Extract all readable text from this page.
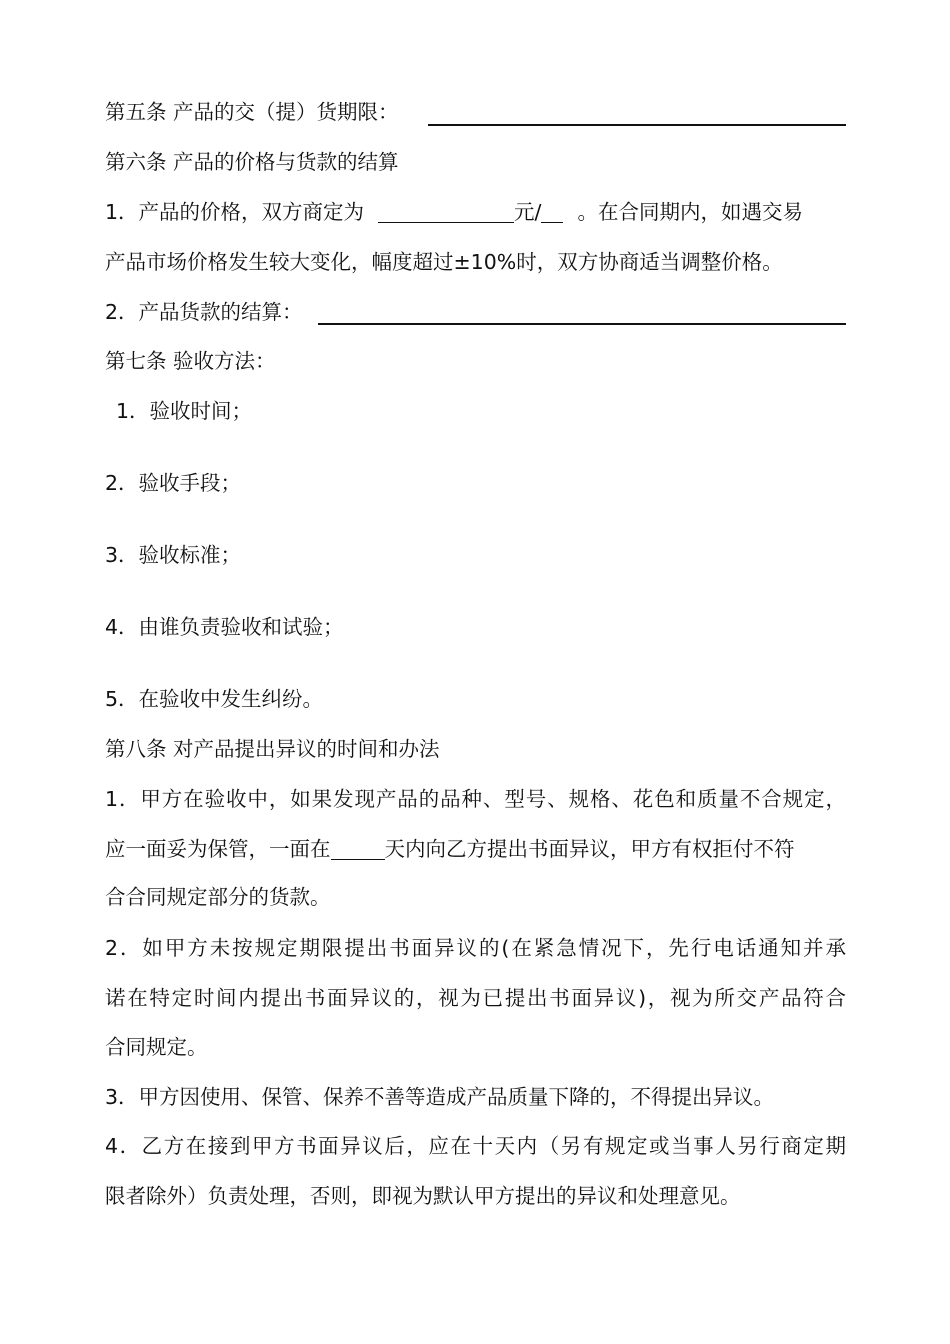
第五条 产品的交（提）货期限：
第六条 产品的价格与货款的结算
1．产品的价格，双方商定为	元/ 。在合同期内，如遇交易
产品市场价格发生较大变化，幅度超过±10%时，双方协商适当调整价格。
2．产品货款的结算：
第七条 验收方法：
1．验收时间；
2．验收手段；
3．验收标准；
4．由谁负责验收和试验；
5．在验收中发生纠纷。
第八条 对产品提出异议的时间和办法
1．甲方在验收中，如果发现产品的品种、型号、规格、花色和质量不合规定，
应一面妥为保管，一面在	天内向乙方提出书面异议，甲方有权拒付不符
合合同规定部分的货款。
2．如甲方未按规定期限提出书面异议的(在紧急情况下，先行电话通知并承
诺在特定时间内提出书面异议的，视为已提出书面异议)，视为所交产品符合
合同规定。
3．甲方因使用、保管、保养不善等造成产品质量下降的，不得提出异议。
4．乙方在接到甲方书面异议后，应在十天内（另有规定或当事人另行商定期
限者除外）负责处理，否则，即视为默认甲方提出的异议和处理意见。
